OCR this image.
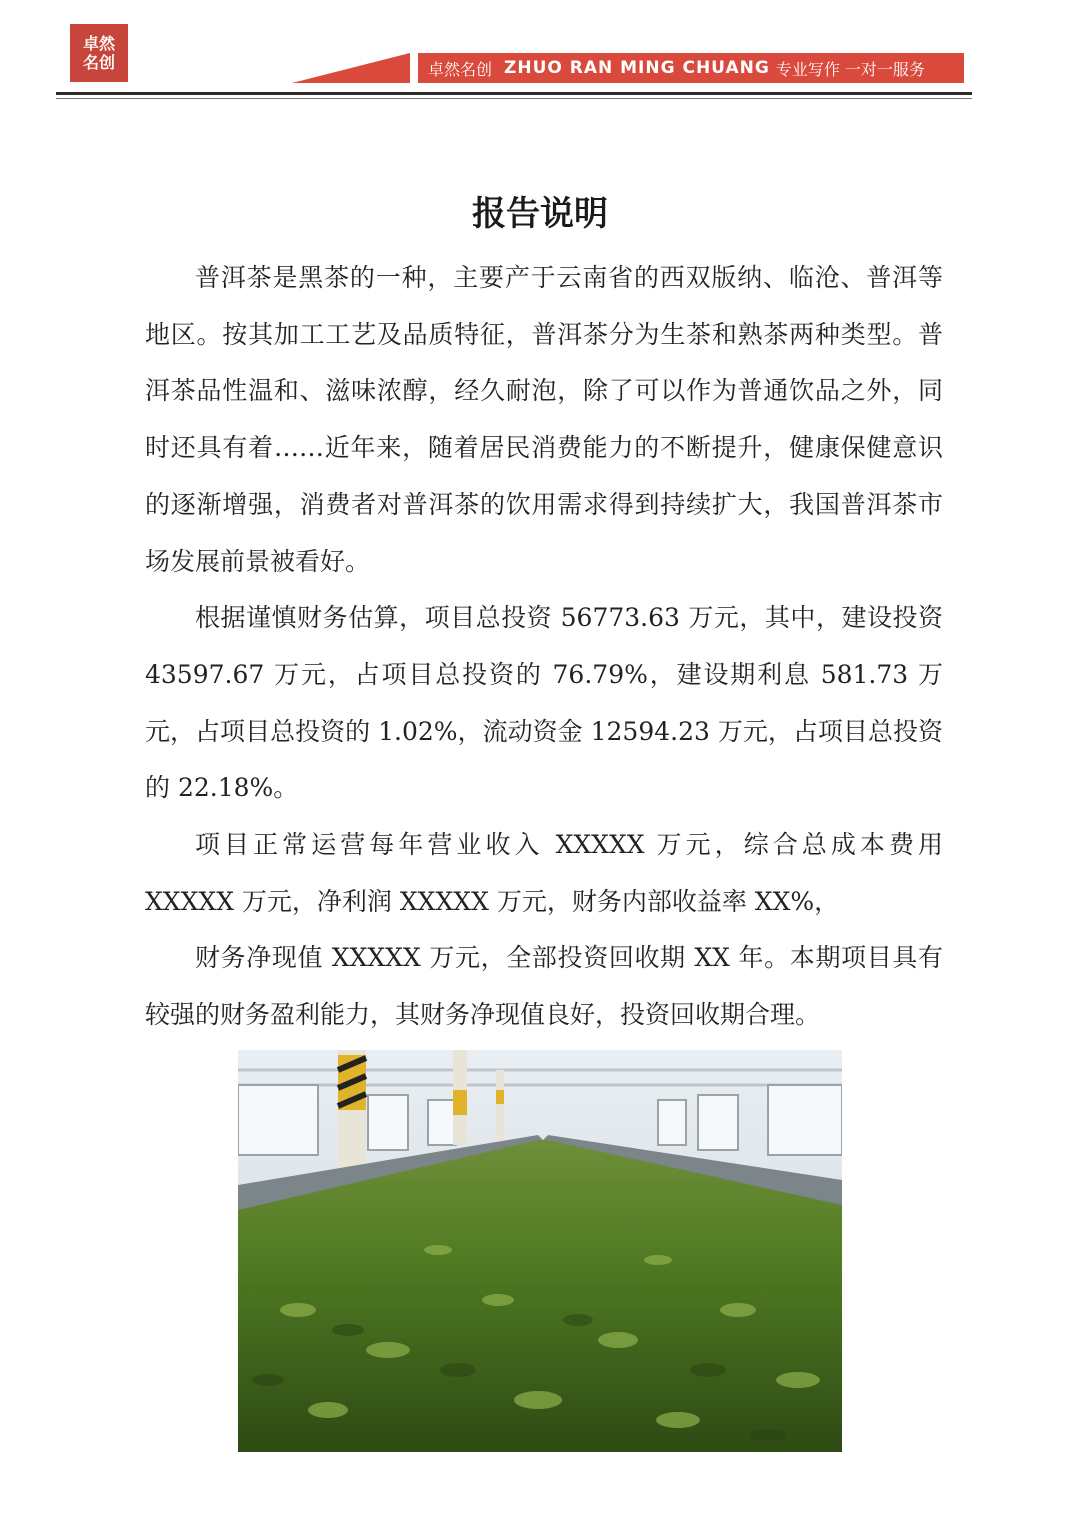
卓然名创	卓然名创 ZHUO RAN MING CHUANG 专业写作 一对一服务
报告说明

普洱茶是黑茶的一种，主要产于云南省的西双版纳、临沧、普洱等地区。按其加工工艺及品质特征，普洱茶分为生茶和熟茶两种类型。普洱茶品性温和、滋味浓醇，经久耐泡，除了可以作为普通饮品之外，同时还具有着……近年来，随着居民消费能力的不断提升，健康保健意识的逐渐增强，消费者对普洱茶的饮用需求得到持续扩大，我国普洱茶市场发展前景被看好。

根据谨慎财务估算，项目总投资 56773.63 万元，其中，建设投资 43597.67 万元，占项目总投资的 76.79%，建设期利息 581.73 万元，占项目总投资的 1.02%，流动资金 12594.23 万元，占项目总投资的 22.18%。

项目正常运营每年营业收入 XXXXX 万元，综合总成本费用 XXXXX 万元，净利润 XXXXX 万元，财务内部收益率 XX%，

财务净现值 XXXXX 万元，全部投资回收期 XX 年。本期项目具有较强的财务盈利能力，其财务净现值良好，投资回收期合理。
